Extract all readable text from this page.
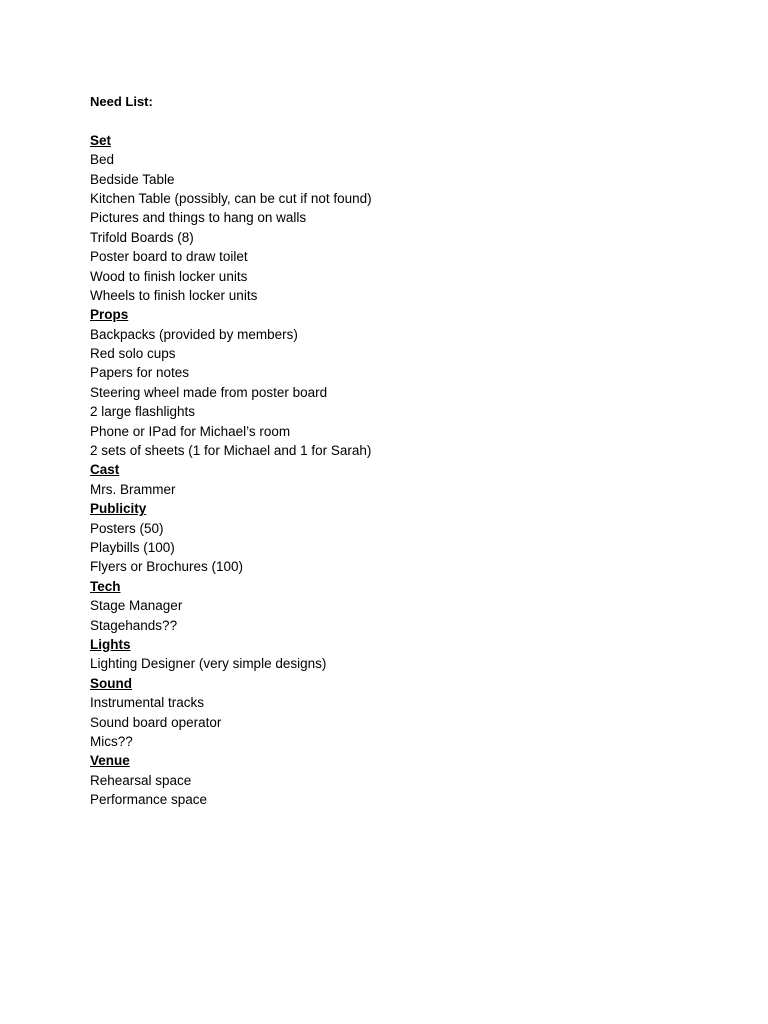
Need List:

Set

Bed

Bedside Table

Kitchen Table (possibly, can be cut if not found)

Pictures and things to hang on walls

Trifold Boards (8)

Poster board to draw toilet

Wood to finish locker units

Wheels to finish locker units

Props

Backpacks (provided by members)

Red solo cups

Papers for notes

Steering wheel made from poster board

2 large flashlights

Phone or IPad for Michael’s room

2 sets of sheets (1 for Michael and 1 for Sarah)

Cast

Mrs. Brammer

Publicity

Posters (50)

Playbills (100)

Flyers or Brochures (100)

Tech

Stage Manager

Stagehands??

Lights

Lighting Designer (very simple designs)

Sound

Instrumental tracks

Sound board operator

Mics??

Venue

Rehearsal space

Performance space
